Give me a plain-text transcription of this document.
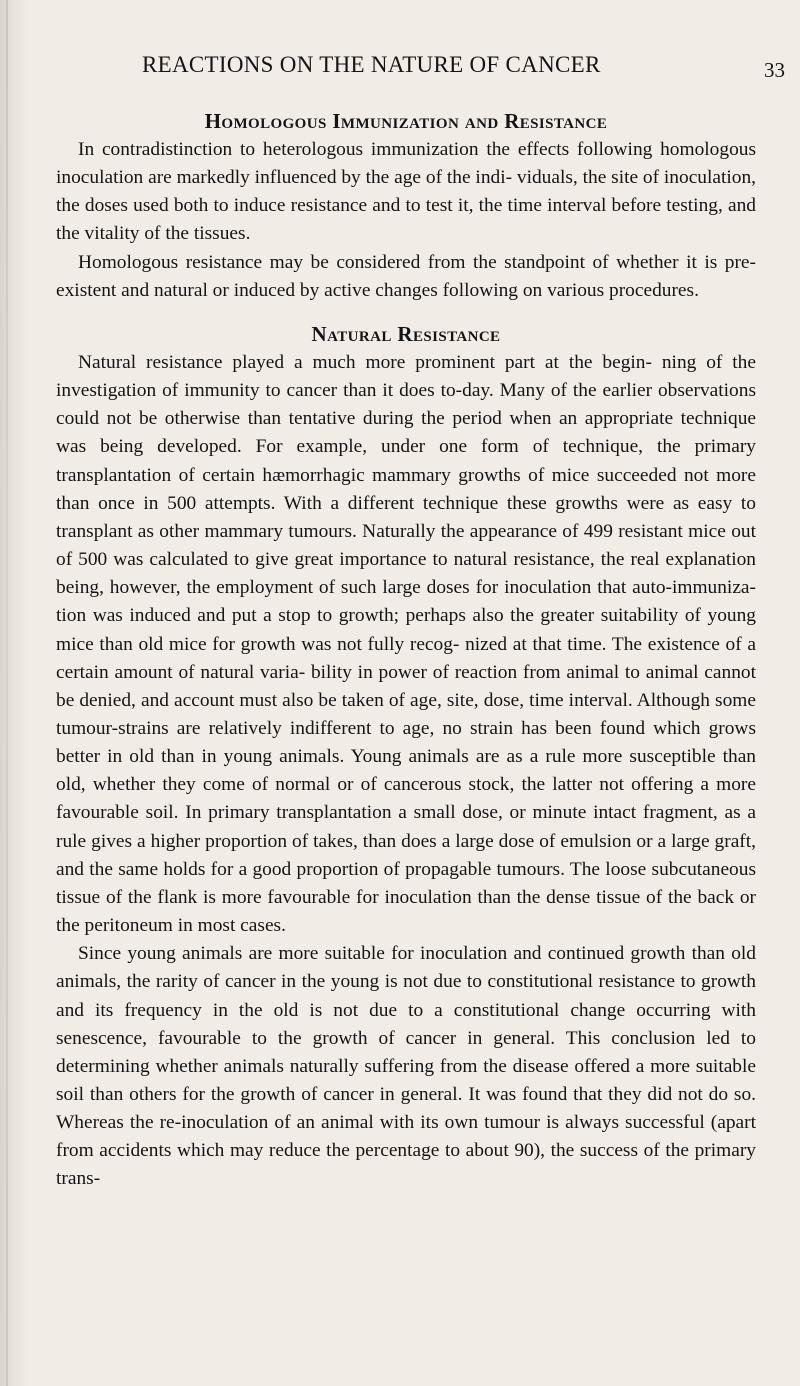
REACTIONS ON THE NATURE OF CANCER	33
Homologous Immunization and Resistance

In contradistinction to heterologous immunization the effects following homologous inoculation are markedly influenced by the age of the indi- viduals, the site of inoculation, the doses used both to induce resistance and to test it, the time interval before testing, and the vitality of the tissues.

Homologous resistance may be considered from the standpoint of whether it is pre-existent and natural or induced by active changes following on various procedures.

Natural Resistance

Natural resistance played a much more prominent part at the begin- ning of the investigation of immunity to cancer than it does to-day. Many of the earlier observations could not be otherwise than tentative during the period when an appropriate technique was being developed. For example, under one form of technique, the primary transplantation of certain hæmorrhagic mammary growths of mice succeeded not more than once in 500 attempts. With a different technique these growths were as easy to transplant as other mammary tumours. Naturally the appearance of 499 resistant mice out of 500 was calculated to give great importance to natural resistance, the real explanation being, however, the employment of such large doses for inoculation that auto-immuniza- tion was induced and put a stop to growth; perhaps also the greater suitability of young mice than old mice for growth was not fully recog- nized at that time. The existence of a certain amount of natural varia- bility in power of reaction from animal to animal cannot be denied, and account must also be taken of age, site, dose, time interval. Although some tumour-strains are relatively indifferent to age, no strain has been found which grows better in old than in young animals. Young animals are as a rule more susceptible than old, whether they come of normal or of cancerous stock, the latter not offering a more favourable soil. In primary transplantation a small dose, or minute intact fragment, as a rule gives a higher proportion of takes, than does a large dose of emulsion or a large graft, and the same holds for a good proportion of propagable tumours. The loose subcutaneous tissue of the flank is more favourable for inoculation than the dense tissue of the back or the peritoneum in most cases.

Since young animals are more suitable for inoculation and continued growth than old animals, the rarity of cancer in the young is not due to constitutional resistance to growth and its frequency in the old is not due to a constitutional change occurring with senescence, favourable to the growth of cancer in general. This conclusion led to determining whether animals naturally suffering from the disease offered a more suitable soil than others for the growth of cancer in general. It was found that they did not do so. Whereas the re-inoculation of an animal with its own tumour is always successful (apart from accidents which may reduce the percentage to about 90), the success of the primary trans-
